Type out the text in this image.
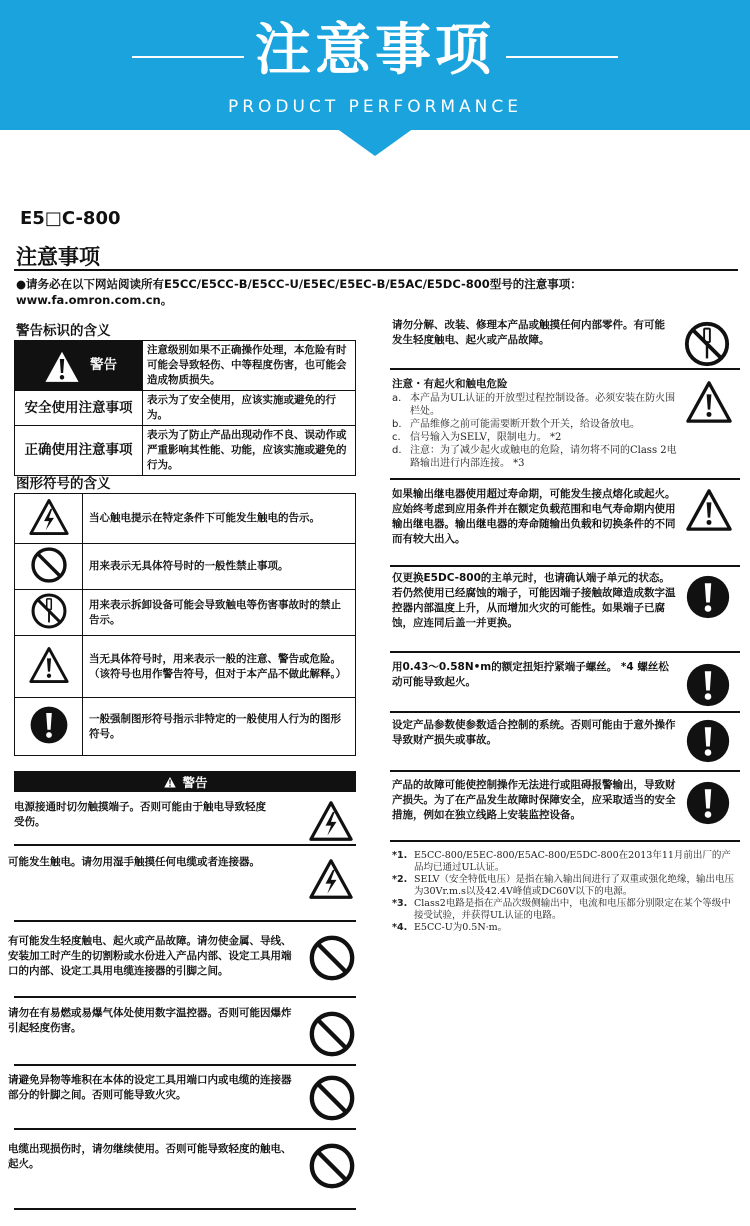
注意事项
PRODUCT PERFORMANCE
E5□C-800
注意事项
●请务必在以下网站阅读所有E5CC/E5CC-B/E5CC-U/E5EC/E5EC-B/E5AC/E5DC-800型号的注意事项：www.fa.omron.com.cn。
警告标识的含义
警告	注意级别如果不正确操作处理，本危险有时可能会导致轻伤、中等程度伤害，也可能会造成物质损失。
安全使用注意事项	表示为了安全使用，应该实施或避免的行为。
正确使用注意事项	表示为了防止产品出现动作不良、误动作或严重影响其性能、功能，应该实施或避免的行为。
图形符号的含义
	当心触电提示在特定条件下可能发生触电的告示。
	用来表示无具体符号时的一般性禁止事项。
	用来表示拆卸设备可能会导致触电等伤害事故时的禁止告示。
	当无具体符号时，用来表示一般的注意、警告或危险。（该符号也用作警告符号，但对于本产品不做此解释。）
	一般强制图形符号指示非特定的一般使用人行为的图形符号。
警告
电源接通时切勿触摸端子。否则可能由于触电导致轻度受伤。
可能发生触电。请勿用湿手触摸任何电缆或者连接器。
有可能发生轻度触电、起火或产品故障。请勿使金属、导线、安装加工时产生的切割粉或水份进入产品内部、设定工具用端口的内部、设定工具用电缆连接器的引脚之间。
请勿在有易燃或易爆气体处使用数字温控器。否则可能因爆炸引起轻度伤害。
请避免异物等堆积在本体的设定工具用端口内或电缆的连接器部分的针脚之间。否则可能导致火灾。
电缆出现损伤时，请勿继续使用。否则可能导致轻度的触电、起火。
请勿分解、改装、修理本产品或触摸任何内部零件。有可能发生轻度触电、起火或产品故障。
注意・有起火和触电危险
a. 本产品为UL认证的开放型过程控制设备。必须安装在防火围栏处。
b. 产品维修之前可能需要断开数个开关，给设备放电。
c. 信号输入为SELV，限制电力。 *2
d. 注意：为了减少起火或触电的危险，请勿将不同的Class 2电路输出进行内部连接。 *3
如果输出继电器使用超过寿命期，可能发生接点熔化或起火。应始终考虑到应用条件并在额定负载范围和电气寿命期内使用输出继电器。输出继电器的寿命随输出负载和切换条件的不同而有较大出入。
仅更换E5DC-800的主单元时，也请确认端子单元的状态。若仍然使用已经腐蚀的端子，可能因端子接触故障造成数字温控器内部温度上升，从而增加火灾的可能性。如果端子已腐蚀，应连同后盖一并更换。
用0.43～0.58N•m的额定扭矩拧紧端子螺丝。 *4 螺丝松动可能导致起火。
设定产品参数使参数适合控制的系统。否则可能由于意外操作导致财产损失或事故。
产品的故障可能使控制操作无法进行或阻碍报警输出，导致财产损失。为了在产品发生故障时保障安全，应采取适当的安全措施，例如在独立线路上安装监控设备。
*1. E5CC-800/E5EC-800/E5AC-800/E5DC-800在2013年11月前出厂的产品均已通过UL认证。
*2. SELV（安全特低电压）是指在输入输出间进行了双重或强化绝缘，输出电压为30Vr.m.s以及42.4V峰值或DC60V以下的电源。
*3. Class2电路是指在产品次级侧输出中，电流和电压都分别限定在某个等级中接受试验，并获得UL认证的电路。
*4. E5CC-U为0.5N·m。
